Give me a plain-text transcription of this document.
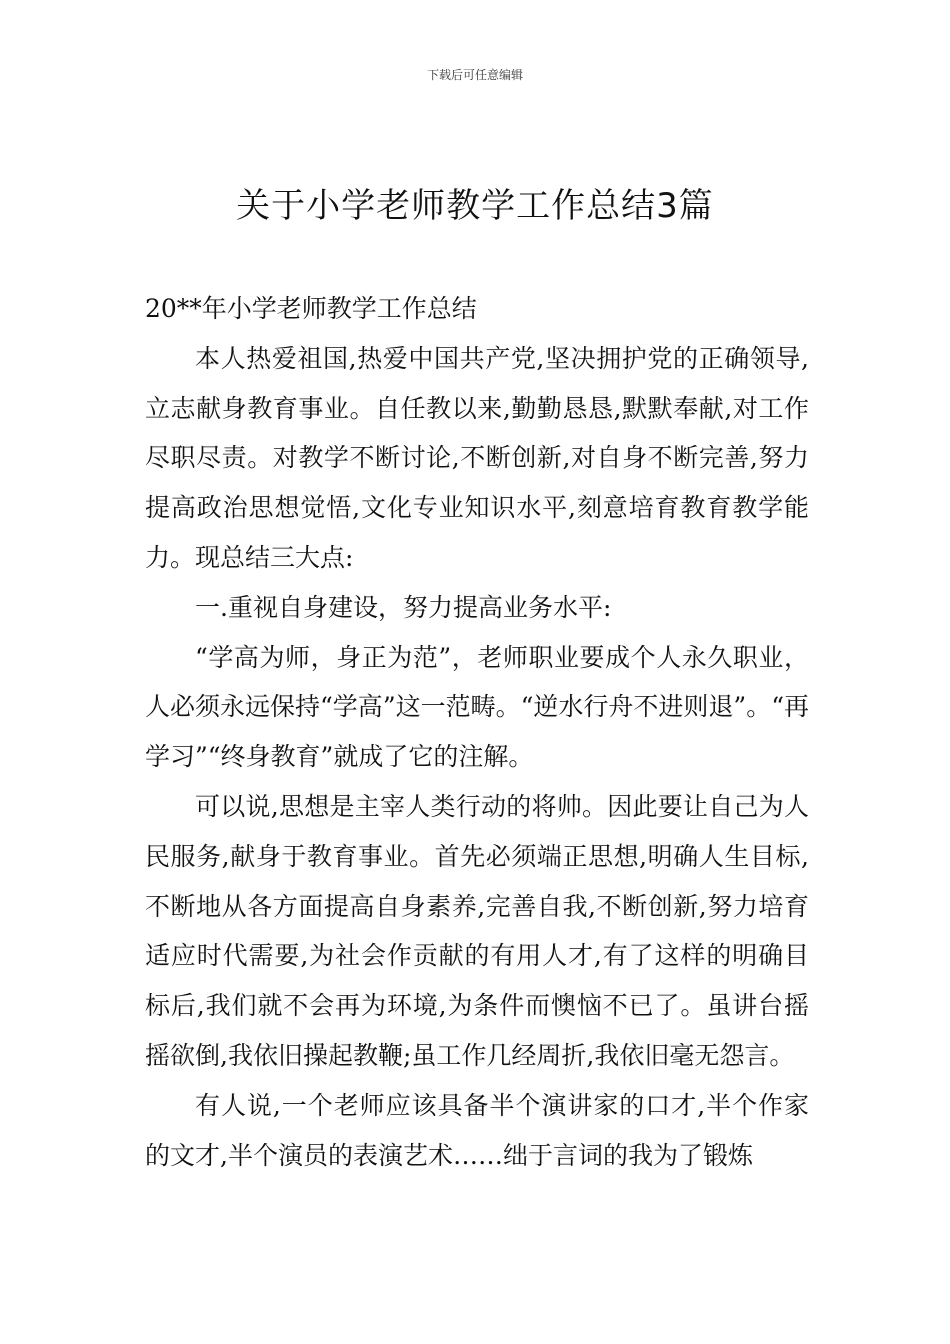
下载后可任意编辑
关于小学老师教学工作总结3篇

20**年小学老师教学工作总结

本人热爱祖国,热爱中国共产党,坚决拥护党的正确领导,立志献身教育事业。自任教以来,勤勤恳恳,默默奉献,对工作尽职尽责。对教学不断讨论,不断创新,对自身不断完善,努力提高政治思想觉悟,文化专业知识水平,刻意培育教育教学能力。现总结三大点:

一.重视自身建设，努力提高业务水平:

“学高为师，身正为范”，老师职业要成个人永久职业，人必须永远保持“学高”这一范畴。“逆水行舟不进则退”。“再学习”“终身教育”就成了它的注解。

可以说,思想是主宰人类行动的将帅。因此要让自己为人民服务,献身于教育事业。首先必须端正思想,明确人生目标,不断地从各方面提高自身素养,完善自我,不断创新,努力培育适应时代需要,为社会作贡献的有用人才,有了这样的明确目标后,我们就不会再为环境,为条件而懊恼不已了。虽讲台摇摇欲倒,我依旧操起教鞭;虽工作几经周折,我依旧毫无怨言。

有人说,一个老师应该具备半个演讲家的口才,半个作家的文才,半个演员的表演艺术……绌于言词的我为了锻炼
